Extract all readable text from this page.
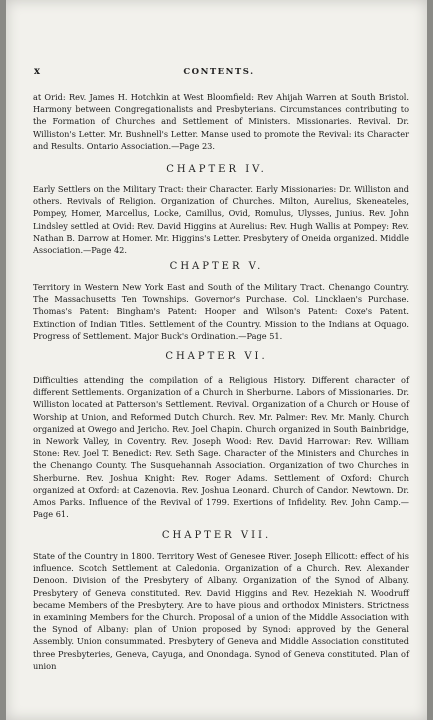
x	CONTENTS.

at Orid: Rev. James H. Hotchkin at West Bloomfield: Rev Ahijah Warren at South Bristol. Harmony between Congregationalists and Presbyterians. Circumstances contributing to the Formation of Churches and Settlement of Ministers. Missionaries. Revival. Dr. Williston's Letter. Mr. Bushnell's Letter. Manse used to promote the Revival: its Character and Results. Ontario Association.—Page 23.

CHAPTER IV.

Early Settlers on the Military Tract: their Character. Early Missionaries: Dr. Williston and others. Revivals of Religion. Organization of Churches. Milton, Aurelius, Skeneateles, Pompey, Homer, Marcellus, Locke, Camillus, Ovid, Romulus, Ulysses, Junius. Rev. John Lindsley settled at Ovid: Rev. David Higgins at Aurelius: Rev. Hugh Wallis at Pompey: Rev. Nathan B. Darrow at Homer. Mr. Higgins's Letter. Presbytery of Oneida organized. Middle Association.—Page 42.

CHAPTER V.

Territory in Western New York East and South of the Military Tract. Chenango Country. The Massachusetts Ten Townships. Governor's Purchase. Col. Lincklaen's Purchase. Thomas's Patent: Bingham's Patent: Hooper and Wilson's Patent: Coxe's Patent. Extinction of Indian Titles. Settlement of the Country. Mission to the Indians at Oquago. Progress of Settlement. Major Buck's Ordination.—Page 51.

CHAPTER VI.

Difficulties attending the compilation of a Religious History. Different character of different Settlements. Organization of a Church in Sherburne. Labors of Missionaries. Dr. Williston located at Patterson's Settlement. Revival. Organization of a Church or House of Worship at Union, and Reformed Dutch Church. Rev. Mr. Palmer: Rev. Mr. Manly. Church organized at Owego and Jericho. Rev. Joel Chapin. Church organized in South Bainbridge, in Nework Valley, in Coventry. Rev. Joseph Wood: Rev. David Harrowar: Rev. William Stone: Rev. Joel T. Benedict: Rev. Seth Sage. Character of the Ministers and Churches in the Chenango County. The Susquehannah Association. Organization of two Churches in Sherburne. Rev. Joshua Knight: Rev. Roger Adams. Settlement of Oxford: Church organized at Oxford: at Cazenovia. Rev. Joshua Leonard. Church of Candor. Newtown. Dr. Amos Parks. Influence of the Revival of 1799. Exertions of Infidelity. Rev. John Camp.—Page 61.

CHAPTER VII.

State of the Country in 1800. Territory West of Genesee River. Joseph Ellicott: effect of his influence. Scotch Settlement at Caledonia. Organization of a Church. Rev. Alexander Denoon. Division of the Presbytery of Albany. Organization of the Synod of Albany. Presbytery of Geneva constituted. Rev. David Higgins and Rev. Hezekiah N. Woodruff became Members of the Presbytery. Are to have pious and orthodox Ministers. Strictness in examining Members for the Church. Proposal of a union of the Middle Association with the Synod of Albany: plan of Union proposed by Synod: approved by the General Assembly. Union consummated. Presbytery of Geneva and Middle Association constituted three Presbyteries, Geneva, Cayuga, and Onondaga. Synod of Geneva constituted. Plan of union
